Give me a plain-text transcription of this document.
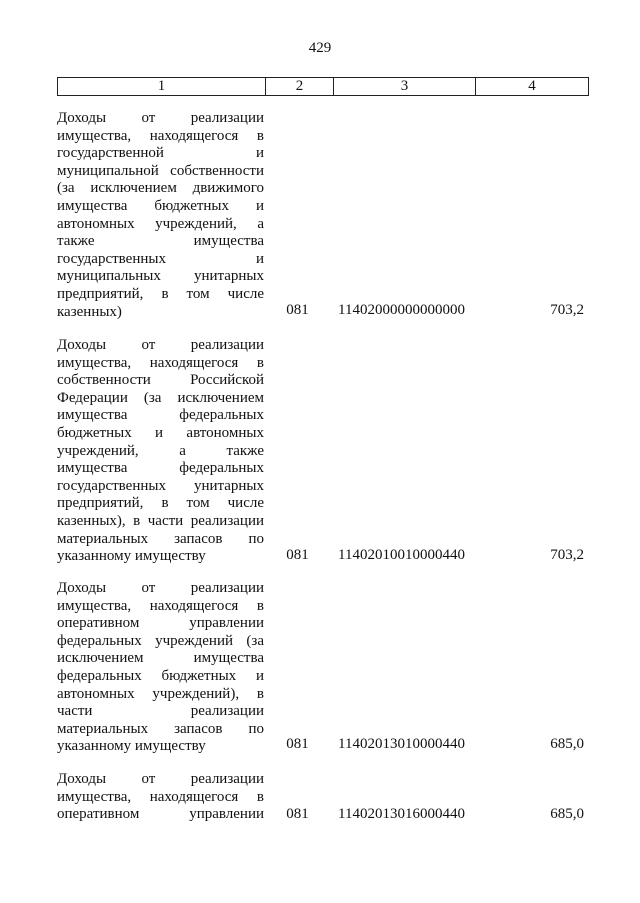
429
1	2	3	4
Доходы от реализации
имущества, находящегося в
государственной и
муниципальной собственности
(за исключением движимого
имущества бюджетных и
автономных учреждений, а
также имущества
государственных и
муниципальных унитарных
предприятий, в том числе
казенных)	081	11402000000000000	703,2
Доходы от реализации
имущества, находящегося в
собственности Российской
Федерации (за исключением
имущества федеральных
бюджетных и автономных
учреждений, а также
имущества федеральных
государственных унитарных
предприятий, в том числе
казенных), в части реализации
материальных запасов по
указанному имуществу	081	11402010010000440	703,2
Доходы от реализации
имущества, находящегося в
оперативном управлении
федеральных учреждений (за
исключением имущества
федеральных бюджетных и
автономных учреждений), в
части реализации
материальных запасов по
указанному имуществу	081	11402013010000440	685,0
Доходы от реализации
имущества, находящегося в
оперативном управлении	081	11402013016000440	685,0
